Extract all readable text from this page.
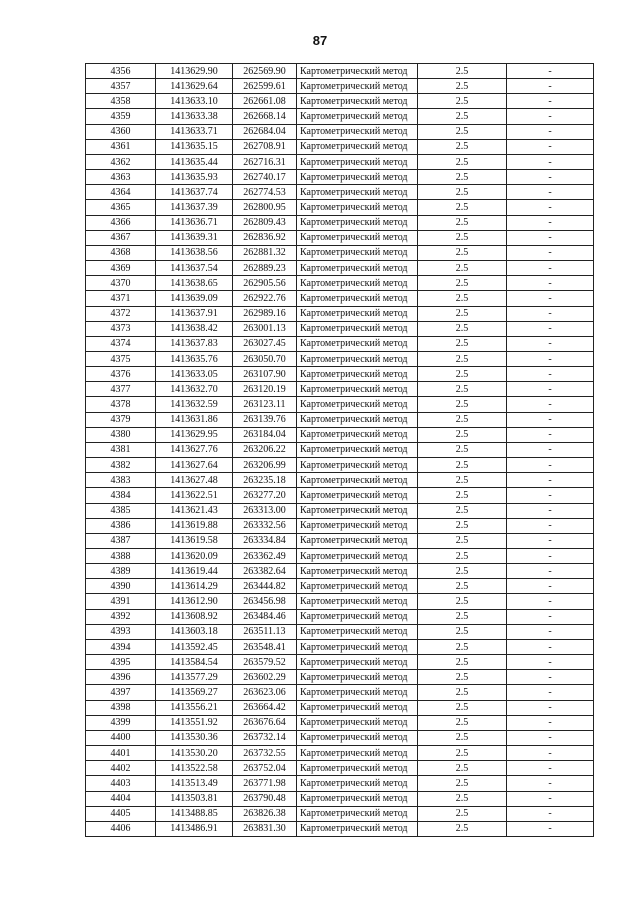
87
4356	1413629.90	262569.90	Картометрический метод	2.5	-
4357	1413629.64	262599.61	Картометрический метод	2.5	-
4358	1413633.10	262661.08	Картометрический метод	2.5	-
4359	1413633.38	262668.14	Картометрический метод	2.5	-
4360	1413633.71	262684.04	Картометрический метод	2.5	-
4361	1413635.15	262708.91	Картометрический метод	2.5	-
4362	1413635.44	262716.31	Картометрический метод	2.5	-
4363	1413635.93	262740.17	Картометрический метод	2.5	-
4364	1413637.74	262774.53	Картометрический метод	2.5	-
4365	1413637.39	262800.95	Картометрический метод	2.5	-
4366	1413636.71	262809.43	Картометрический метод	2.5	-
4367	1413639.31	262836.92	Картометрический метод	2.5	-
4368	1413638.56	262881.32	Картометрический метод	2.5	-
4369	1413637.54	262889.23	Картометрический метод	2.5	-
4370	1413638.65	262905.56	Картометрический метод	2.5	-
4371	1413639.09	262922.76	Картометрический метод	2.5	-
4372	1413637.91	262989.16	Картометрический метод	2.5	-
4373	1413638.42	263001.13	Картометрический метод	2.5	-
4374	1413637.83	263027.45	Картометрический метод	2.5	-
4375	1413635.76	263050.70	Картометрический метод	2.5	-
4376	1413633.05	263107.90	Картометрический метод	2.5	-
4377	1413632.70	263120.19	Картометрический метод	2.5	-
4378	1413632.59	263123.11	Картометрический метод	2.5	-
4379	1413631.86	263139.76	Картометрический метод	2.5	-
4380	1413629.95	263184.04	Картометрический метод	2.5	-
4381	1413627.76	263206.22	Картометрический метод	2.5	-
4382	1413627.64	263206.99	Картометрический метод	2.5	-
4383	1413627.48	263235.18	Картометрический метод	2.5	-
4384	1413622.51	263277.20	Картометрический метод	2.5	-
4385	1413621.43	263313.00	Картометрический метод	2.5	-
4386	1413619.88	263332.56	Картометрический метод	2.5	-
4387	1413619.58	263334.84	Картометрический метод	2.5	-
4388	1413620.09	263362.49	Картометрический метод	2.5	-
4389	1413619.44	263382.64	Картометрический метод	2.5	-
4390	1413614.29	263444.82	Картометрический метод	2.5	-
4391	1413612.90	263456.98	Картометрический метод	2.5	-
4392	1413608.92	263484.46	Картометрический метод	2.5	-
4393	1413603.18	263511.13	Картометрический метод	2.5	-
4394	1413592.45	263548.41	Картометрический метод	2.5	-
4395	1413584.54	263579.52	Картометрический метод	2.5	-
4396	1413577.29	263602.29	Картометрический метод	2.5	-
4397	1413569.27	263623.06	Картометрический метод	2.5	-
4398	1413556.21	263664.42	Картометрический метод	2.5	-
4399	1413551.92	263676.64	Картометрический метод	2.5	-
4400	1413530.36	263732.14	Картометрический метод	2.5	-
4401	1413530.20	263732.55	Картометрический метод	2.5	-
4402	1413522.58	263752.04	Картометрический метод	2.5	-
4403	1413513.49	263771.98	Картометрический метод	2.5	-
4404	1413503.81	263790.48	Картометрический метод	2.5	-
4405	1413488.85	263826.38	Картометрический метод	2.5	-
4406	1413486.91	263831.30	Картометрический метод	2.5	-
